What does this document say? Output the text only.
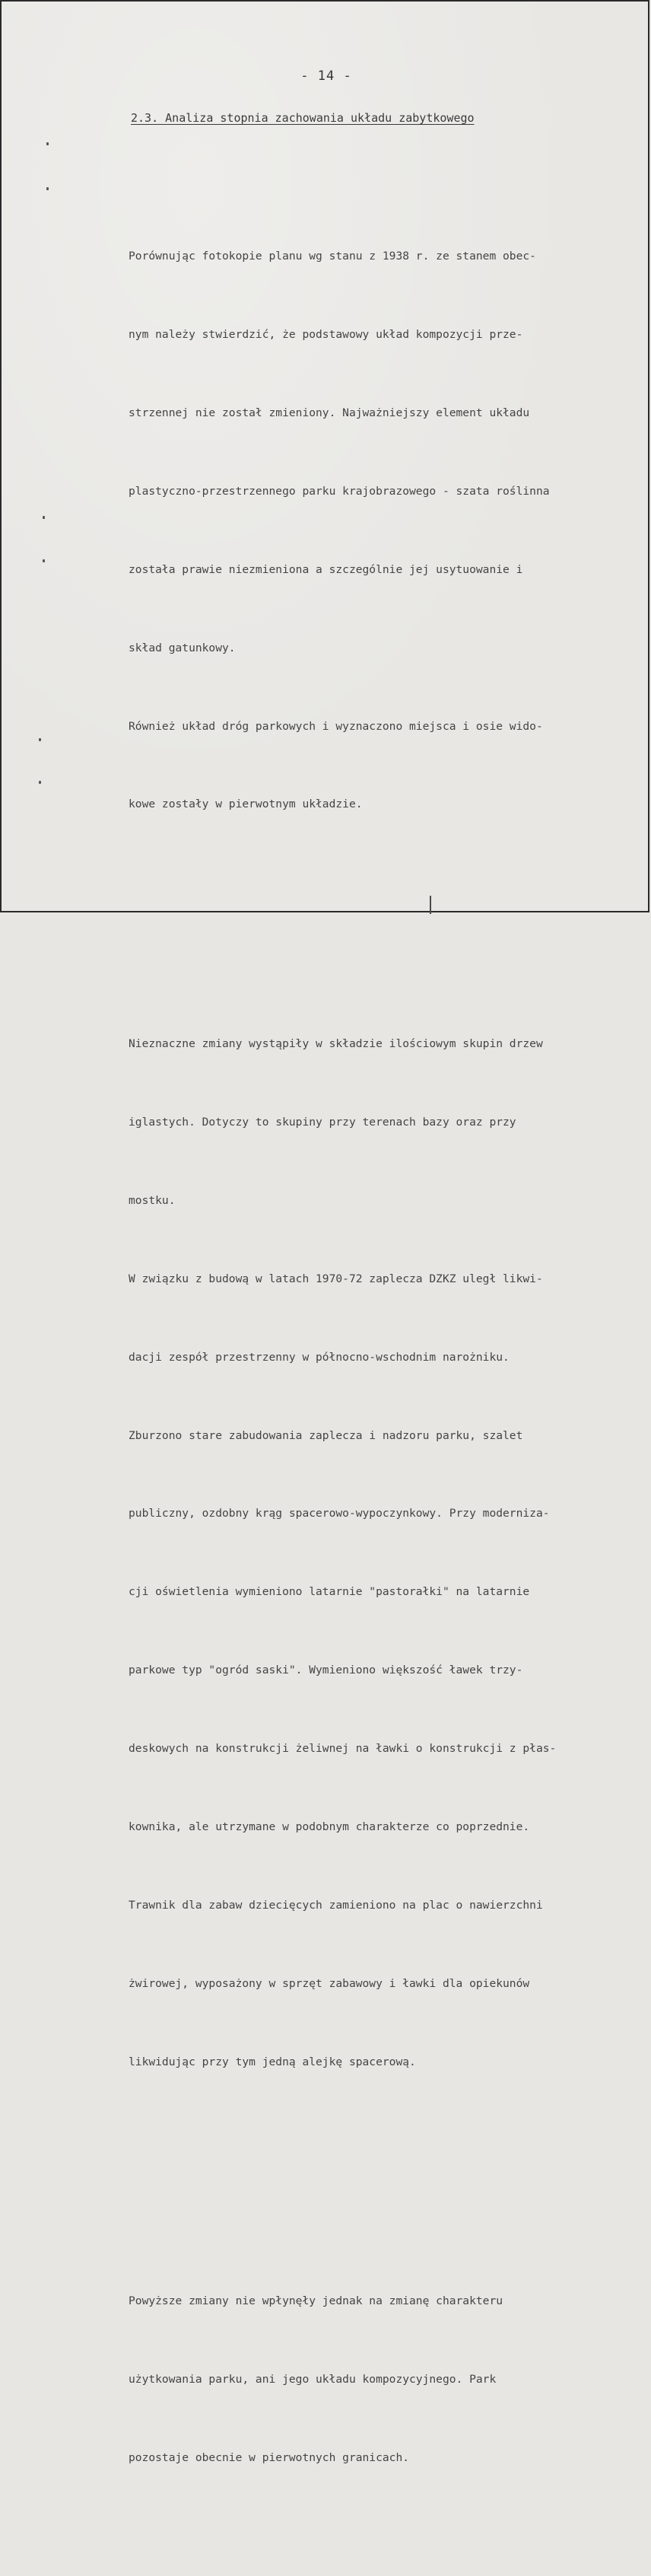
- 14 -
2.3. Analiza stopnia zachowania układu zabytkowego

Porównując fotokopie planu wg stanu z 1938 r. ze stanem obec-

nym należy stwierdzić, że podstawowy układ kompozycji prze-

strzennej nie został zmieniony. Najważniejszy element układu

plastyczno-przestrzennego parku krajobrazowego - szata roślinna

została prawie niezmieniona a szczególnie jej usytuowanie i

skład gatunkowy.

Również układ dróg parkowych i wyznaczono miejsca i osie wido-

kowe zostały w pierwotnym układzie.

Nieznaczne zmiany wystąpiły w składzie ilościowym skupin drzew

iglastych. Dotyczy to skupiny przy terenach bazy oraz przy

mostku.

W związku z budową w latach 1970-72 zaplecza DZKZ uległ likwi-

dacji zespół przestrzenny w północno-wschodnim narożniku.

Zburzono stare zabudowania zaplecza i nadzoru parku, szalet

publiczny, ozdobny krąg spacerowo-wypoczynkowy. Przy moderniza-

cji oświetlenia wymieniono latarnie "pastorałki" na latarnie

parkowe typ "ogród saski". Wymieniono większość ławek trzy-

deskowych na konstrukcji żeliwnej na ławki o konstrukcji z płas-

kownika, ale utrzymane w podobnym charakterze co poprzednie.

Trawnik dla zabaw dziecięcych zamieniono na plac o nawierzchni

żwirowej, wyposażony w sprzęt zabawowy i ławki dla opiekunów

likwidując przy tym jedną alejkę spacerową.

Powyższe zmiany nie wpłynęły jednak na zmianę charakteru

użytkowania parku, ani jego układu kompozycyjnego. Park

pozostaje obecnie w pierwotnych granicach.
